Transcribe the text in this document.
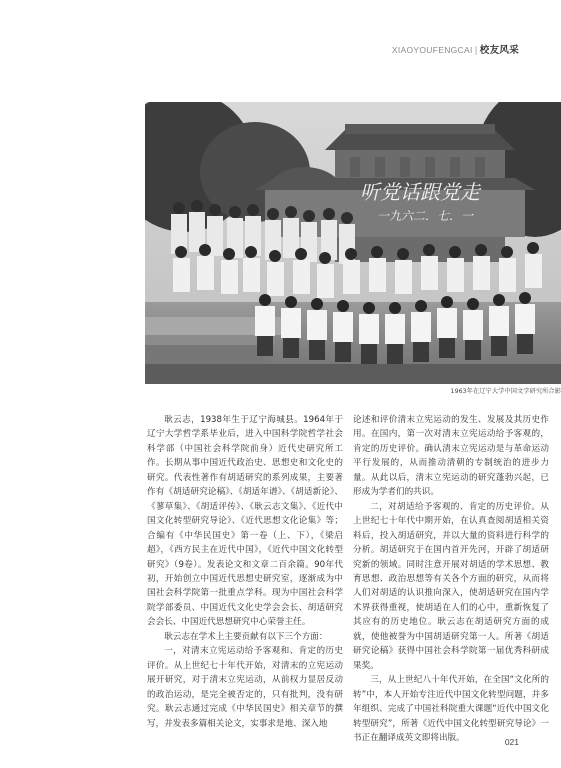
XIAOYOUFENGCAI | 校友风采
听党话跟党走
一九六二．七．一
1963年在辽宁大学中国文学研究所合影

耿云志，1938年生于辽宁海城县。1964年于辽宁大学哲学系毕业后，进入中国科学院哲学社会科学部（中国社会科学院前身）近代史研究所工作。长期从事中国近代政治史、思想史和文化史的研究。代表性著作有胡适研究的系列成果，主要著作有《胡适研究论稿》、《胡适年谱》、《胡适新论》、《蓼草集》、《胡适评传》、《耿云志文集》、《近代中国文化转型研究导论》、《近代思想文化论集》等；合编有《中华民国史》第一卷（上、下），《梁启超》，《西方民主在近代中国》，《近代中国文化转型研究》（9卷）。发表论文和文章二百余篇。90年代初，开始创立中国近代思想史研究室，逐渐成为中国社会科学院第一批重点学科。现为中国社会科学院学部委员、中国近代文化史学会会长、胡适研究会会长、中国近代思想研究中心荣誉主任。

耿云志在学术上主要贡献有以下三个方面：

一，对清末立宪运动给予客观和、肯定的历史评价。从上世纪七十年代开始，对清末的立宪运动展开研究，对于清末立宪运动，从前权力显居反动的政治运动，是完全被否定的，只有批判，没有研究。耿云志通过完成《中华民国史》相关章节的撰写，并发表多篇相关论文，实事求是地、深入地

论述和评价清末立宪运动的发生、发展及其历史作用。在国内，第一次对清末立宪运动给予客观的，肯定的历史评价。确认清末立宪运动是与革命运动平行发展的，从而推动清朝的专制统治的进步力量。从此以后，清末立宪运动的研究蓬勃兴起，已形成为学者们的共识。

二，对胡适给予客观的、肯定的历史评价。从上世纪七十年代中期开始，在认真查阅胡适相关资料后，投入胡适研究，并以大量的资料进行科学的分析。胡适研究于在国内首开先河，开辟了胡适研究新的领域。同时注意开展对胡适的学术思想、教育思想、政治思想等有关各个方面的研究，从而将人们对胡适的认识推向深入，使胡适研究在国内学术界获得重视，使胡适在人们的心中，重新恢复了其应有的历史地位。耿云志在胡适研究方面的成就，使他被誉为中国胡适研究第一人。所著《胡适研究论稿》获得中国社会科学院第一届优秀科研成果奖。

三，从上世纪八十年代开始，在全国“文化所的转”中，本人开始专注近代中国文化转型问题，并多年组织、完成了中国社科院重大课题“近代中国文化转型研究”，所著《近代中国文化转型研究导论》一书正在翻译成英文即将出版。	021
